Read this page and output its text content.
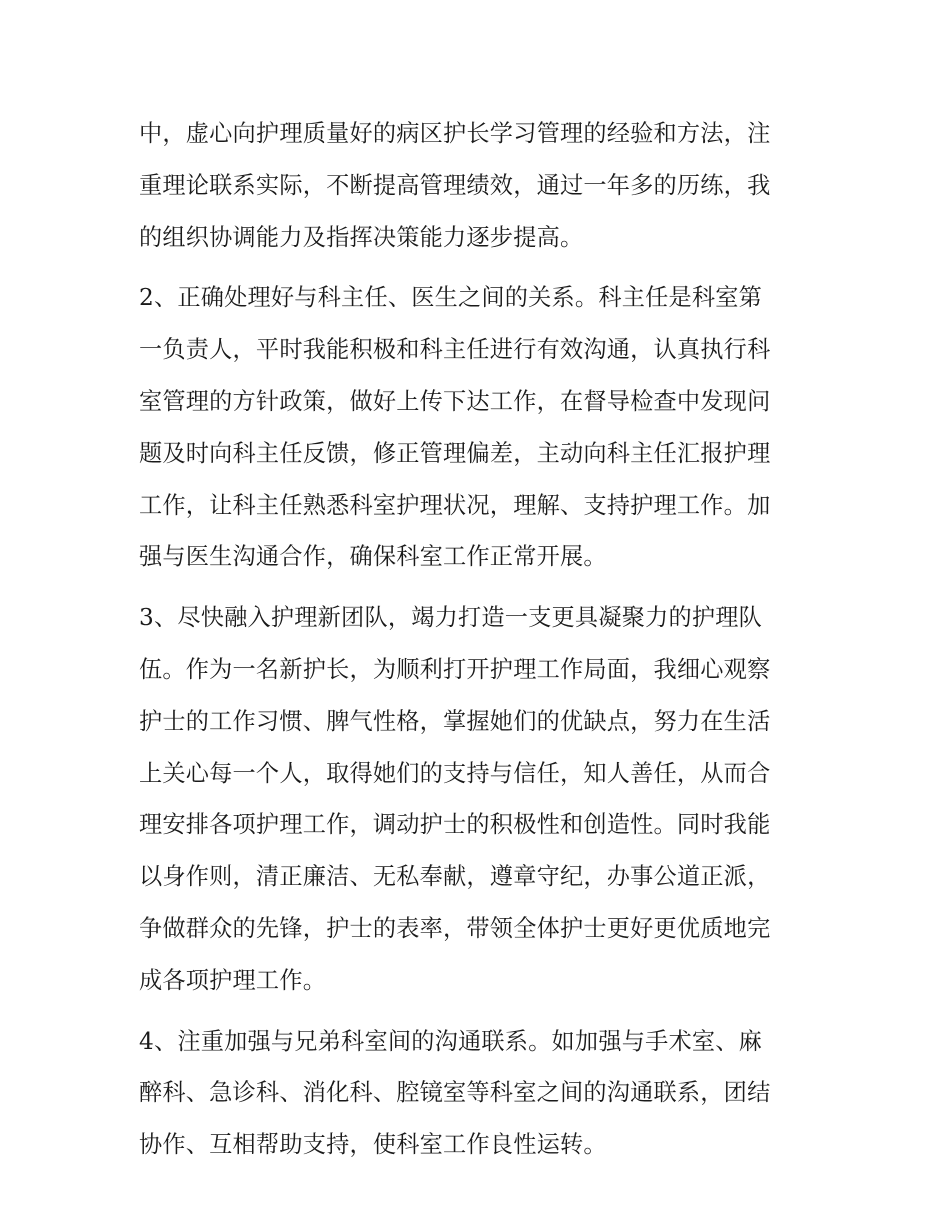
中，虚心向护理质量好的病区护长学习管理的经验和方法，注
重理论联系实际，不断提高管理绩效，通过一年多的历练，我
的组织协调能力及指挥决策能力逐步提高。

2、正确处理好与科主任、医生之间的关系。科主任是科室第
一负责人，平时我能积极和科主任进行有效沟通，认真执行科
室管理的方针政策，做好上传下达工作，在督导检查中发现问
题及时向科主任反馈，修正管理偏差，主动向科主任汇报护理
工作，让科主任熟悉科室护理状况，理解、支持护理工作。加
强与医生沟通合作，确保科室工作正常开展。

3、尽快融入护理新团队，竭力打造一支更具凝聚力的护理队
伍。作为一名新护长，为顺利打开护理工作局面，我细心观察
护士的工作习惯、脾气性格，掌握她们的优缺点，努力在生活
上关心每一个人，取得她们的支持与信任，知人善任，从而合
理安排各项护理工作，调动护士的积极性和创造性。同时我能
以身作则，清正廉洁、无私奉献，遵章守纪，办事公道正派，
争做群众的先锋，护士的表率，带领全体护士更好更优质地完
成各项护理工作。

4、注重加强与兄弟科室间的沟通联系。如加强与手术室、麻
醉科、急诊科、消化科、腔镜室等科室之间的沟通联系，团结
协作、互相帮助支持，使科室工作良性运转。
